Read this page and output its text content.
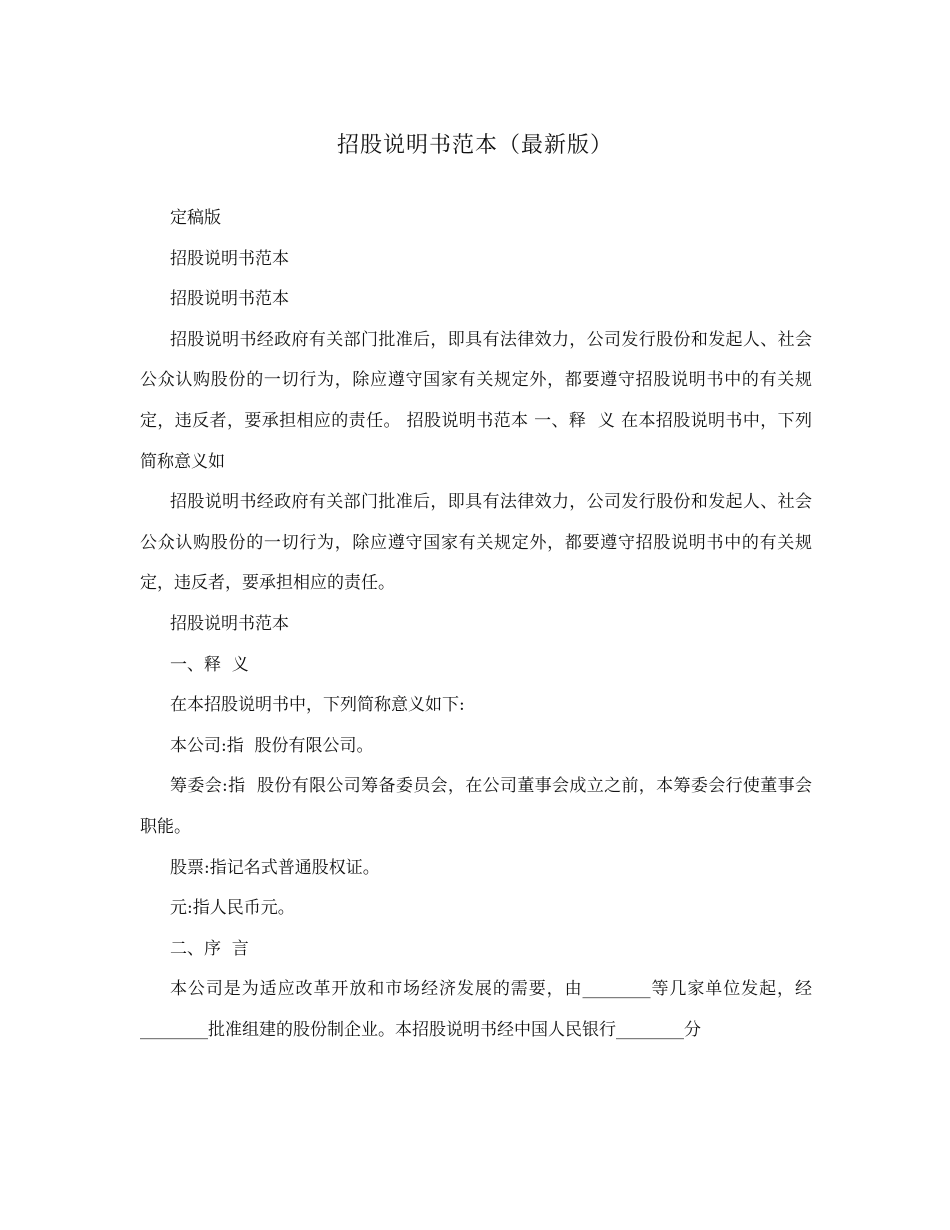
招股说明书范本（最新版）

定稿版

招股说明书范本

招股说明书范本

招股说明书经政府有关部门批准后，即具有法律效力，公司发行股份和发起人、社会公众认购股份的一切行为，除应遵守国家有关规定外，都要遵守招股说明书中的有关规定，违反者，要承担相应的责任。 招股说明书范本 一、释  义 在本招股说明书中，下列简称意义如

招股说明书经政府有关部门批准后，即具有法律效力，公司发行股份和发起人、社会公众认购股份的一切行为，除应遵守国家有关规定外，都要遵守招股说明书中的有关规定，违反者，要承担相应的责任。

招股说明书范本

一、释  义

在本招股说明书中，下列简称意义如下:

本公司:指  股份有限公司。

筹委会:指  股份有限公司筹备委员会，在公司董事会成立之前，本筹委会行使董事会职能。

股票:指记名式普通股权证。

元:指人民币元。

二、序  言

本公司是为适应改革开放和市场经济发展的需要，由________等几家单位发起，经________批准组建的股份制企业。本招股说明书经中国人民银行________分
